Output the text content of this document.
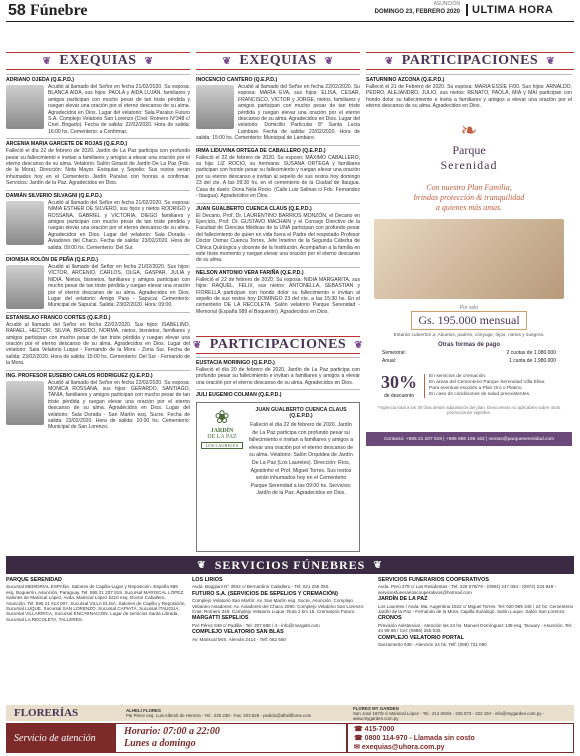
58 Fúnebre	DOMINGO 23, FEBRERO 2020
ASUNCIÓN	ULTIMA HORA
❦ EXEQUIAS ❦	❦ EXEQUIAS ❦	❦ PARTICIPACIONES ❦
ADRIANO OJEDA (Q.E.P.D.)
Acudió al llamado del Señor en fecha 21/02/2020. Su esposa: BLANCA AIDA, sus hijos: PAOLA y AIDA LUJAN, familiares y amigos participan con mucho pesar de tan triste pérdida y ruegan elevar una oración por el eterno descanso de su alma. Agradecidos en Dios. Lugar del velatorio: Sala Paraiso Futuro S.A. Complejo Velatorio San Lorenzo (Cnel. Romero N°348 c/ Cnel. Bogado). Fecha de salida: 22/02/2020. Hora de salida: 16:00 hs. Cementerio: a Confirmar.
ARCENIA MARIA GARCETE DE ROJAS (Q.E.P.D.)
Falleció el día 22 de febrero de 2020. Jardín de La Paz participa con profundo pesar su fallecimiento e invitan a familiares y amigos a elevar una oración por el eterno descanso de su alma. Velatorio: Salón Girasol de Jardín De La Paz (Fdo. de la Mora). Dirección: Nota Mayor. Exéquias y Sepelio: Sus restos serán inhumados hoy en el Cementerio Jardín Paraíso con honras a confirmar. Servicios: Jardín de la Paz. Agradecidos en Dios.
DAMIÁN SILVERIO SILVAGNI (Q.E.P.D.)
Acudió al llamado del Señor en fecha 21/02/2020. Su esposa: NIMIA ESTHER DE SILVERO, sus hijos y nietos RODRIGO y ROSSANA, GABRIEL y VICTORIA, DIEGO familiares y amigos participan con mucho pesar de tan triste pérdida y ruegan elevar una oración por el eterno descanso de su alma. Agradecidos en Dios. Lugar del velatorio: Sala Dorada - Aviadores del Chaco. Fecha de salida: 23/02/2020. Hora de salida: 09:00 hs. Cementerio: Del Sur.
DIONISIA ROLÓN DE PEÑA (Q.E.P.D.)
Acudió al llamado del Señor en fecha 21/02/2020. Sus hijos: VÍCTOR, ARCENIO, CARLOS, OLGA, GASPAR, JULIA y NIDIA. Nietos, bisnietos, familiares y amigos participan con mucho pesar de tan triste pérdida y ruegan elevar una oración por el eterno descanso de su alma. Agradecidos en Dios. Lugar del velatorio: Amigo Para - Sapucai. Cementerio: Municipal de Sapucai. Salida: 23/02/2020. Hora: 09:00.
ESTANISLAO FRANCO CORTES (Q.E.P.D.)
Acudió al llamado del Señor en fecha 22/02/2020. Sus hijos: ISABELINO, RAFAEL, HECTOR, SILVIA, BRIGIDO, NORMA, nietos, bisnietos, familiares y amigos participan con mucho pesar de tan triste pérdida y ruegan elevar una oración por el eterno descanso de su alma. Agradecidos en Dios. Lugar del velatorio: Sala Velatorio Luque - Fernando de la Mora - Zona Sur. Fecha de salida: 23/02/2020. Hora de salida: 15:00 hs. Cementerio: Del Sur - Fernando de la Mora.
ING. PROFESOR EUSEBIO CARLOS RODRIGUEZ (Q.E.P.D.)
Acudió al llamado del Señor en fecha 22/02/2020. Su esposa: MONICA ROSSANA, sus hijos: GERARDO, SANTIAGO, TANIA, familiares y amigos participan con mucho pesar de tan triste pérdida y ruegan elevar una oración por el eterno descanso de su alma. Agradecidos en Dios. Lugar del velatorio: Sala Dorada - San Martín esq. Sucre. Fecha de salida: 23/02/2020. Hora de salida: 10:00 hs. Cementerio: Municipal de San Lorenzo.
INOCENCIO CANTERO (Q.E.P.D.)
Acudió al llamado del Señor en fecha 22/02/2020. Su esposa: MARÍA EVA, sus hijos: ELISA, CESAR, FRANCISCO, VICTOR y JORGE, nietos, familiares y amigos participan con mucho pesar de tan triste pérdida y ruegan elevar una oración por el eterno descanso de su alma. Agradecidos en Dios. Lugar del velatorio: Domicilio Particular 8° Santa Lucia Lambare. Fecha de salida: 23/02/2020. Hora de salida: 15:00 hs. Cementerio: Municipal de Lambare.
IRMA LIDUVINA ORTEGA DE CABALLERO (Q.E.P.D.)
Falleció el 22 de febrero de 2020. Su esposo: MÁXIMO CABALLERO, su hija: LIZ ROCIO, su hermana: SUSANA ORTEGA y familiares participan con hondo pesar su fallecimiento y ruegan elevar una oración por su eterno descanso e invitan al sepelio de sus restos hoy domingo 23 del cte. A las 09:30 hs. en el cementerio de la Ciudad de Itaugua. Casa de duelo: Dona Nela Rocio. (Calle Luis Salinas c/ Fdo. Fernandez - Itaugua). Agradecidos en Dios.
JUAN GUALBERTO CUENCA CLAUS (Q.E.P.D.)
El Decano, Prof. Dr. LAURENTINO BARRIOS MONZÓN, el Decano en Ejercicio, Prof. Dr. GUSTAVO MACHAIN y el Consejo Directivo de la Facultad de Ciencias Médicas de la UNA participan con profundo pesar del fallecimiento de quien en vida fuera el Padre del respetado Profesor Doctor Osmar Cuenca Torres, Jefe Interino de la Segunda Cátedra de Clínica Quirúrgica y docente de la Institución. Acompañan a la familia en este triste momento y ruegan elevar una oración por el eterno descanso de su alma.
NELSON ANTONIO VERA FARIÑA (Q.E.P.D.)
Falleció el 22 de febrero de 2020. Su esposa: NIDIA MARGARITA, sus hijos: RAQUEL, FELIX, sus nietos: ANTONELLA, SEBASTIAN y FIORELLA participan con hondo dolor su fallecimiento e invitan al sepelio de sus restos hoy DOMINGO 23 del cte. a las 15:30 hs. En el cementerio DE LA RECOLETA. Salón velatorio Parque Serenidad - Memorial (España 989 el Boquerón). Agradecidos en Dios.
❦ PARTICIPACIONES ❦
EUSTACIA MORINIGO (Q.E.P.D.)
Falleció el día 20 de febrero de 2020. Jardín de La Paz participa con profundo pesar su fallecimiento e invitan a familiares y amigos a elevar una oración por el eterno descanso de su alma. Agradecidos en Dios.
JULI EUGENIO COLMAN (Q.E.P.D.)
❀
JARDÍN
DE LA PAZ
LOS LAURELES
JUAN GUALBERTO CUENCA CLAUS (Q.E.P.D.)
Falleció el día 22 de febrero de 2020. Jardín de La Paz participa con profundo pesar su fallecimiento e invitan a familiares y amigos a elevar una oración por el eterno descanso de su alma. Velatorio: Salón Orquídea de Jardín De La Paz (Los Laureles). Dirección: Ríos, Agostinho el Prof. Miguel Torres. Sus restos serán inhumados hoy en el Cementerio Parque Serenidad a las 09:00 hs. Servicios: Jardín de la Paz. Agradecidos en Dios.
SATURNINO AZCONA (Q.E.P.D.)
Falleció el 21 de Febrero de 2020. Su esposa: MARIA ESSIE F/00. Sus hijos: ARNALDO, PEDRO, ALEJANDRO, JULIO, sus nietos: RENATO, PAOLA, MIA y MAI participan con hondo dolor su fallecimiento e invita a familiares y amigos a elevar una oración por el eterno descanso de su alma. Agradecidos en Dios.
❧
Parque
Serenidad
Con nuestro Plan Familia,
brindas protección & tranquilidad
a quienes más amas.
Por solo
Gs. 195.000 mensual
Estarán cubiertos a: Abuelos, padres, cónyuge, hijos, nietos y suegros.
Otras formas de pago
Semestral:	2 cuotas de 1.080.000
Anual:	1 cuota de 1.980.000
30%
de descuento
En servicios de cremación.
En áreas del Cementerio Parque Serenidad Villa Elisa.
Para eventual escisión a Plan Oro o Platino.
En caso de condiciones de salud preexistentes.
*Vigencia total a los 30 días desde adquisición del plan. Descuentos no aplicables sobre otras promociones vigentes.
Contacto: +595 21 207 819 | +595 986 196 162 | ventas@parqueserenidad.com
❦ SERVICIOS FÚNEBRES ❦
PARQUE SERENIDAD
Sucursal MEMORIAL ESPAÑA. Salones de Capilla-Lugar y Reposición. España 989 esq. Boquerón, Asunción, Paraguay. Tel: 595 21 207 819. Sucursal MARISCAL LÓPEZ. Salones de Mariscal López, Avda. Mariscal López 5210 esq. Doctor Caballero, Asunción. Tel: 595 21 613 007. Sucursal VILLA ELISA. Salones de Capilla y Reposición, Sucursal LUQUE, Sucursal SAN LORENZO, Sucursal CAPIATÁ, Sucursal ITAUGUA, Sucursal VILLARRICA, Sucursal ENCARNACIÓN. Lugar de servicios Santa Librada, Sucursal LA RECOLETA, TALLERES.
LOS LIRIOS
Avda. Boggiani N° 3842 c/ Bernardino Caballero - Tel: 021 256 050.
FUTURO S.A. (SERVICIOS DE SEPELIOS Y CREMACIÓN)
Complejo Velatorio San Martín: Av. San Martín esq. Sucre, Asunción. Complejo Velatorio Aviadores: Av. Aviadores del Chaco 2080. Complejo Velatorio San Lorenzo: Cnel. Romero 348. Complejo Velatorio Luque: Ruta 2 km 15. Crematorio Futuro.
MARGATTI SEPELIOS
Pa'i Pérez 849 c/ Padilla - Tel: 207 880 / 4 - info@margatti.com
COMPLEJO VELATORIO SAN BLAS
Av. Mariscal MrS. Alemán 2414 - Telf: 082 550
SERVICIOS FUNERARIOS COOPERATIVOS
Avda. Perú 279 c/ Las Residentas - Tel: 229 078/79 - (0984) 247 094 - (0972) 234 949 - serviciosfunerarioscooperativos@hotmail.com
JARDÍN DE LA PAZ
Los Laureles / Avda. Ma. Augentina 1922 c/ Miguel Torres. Tel: 020 969 345 / 24 hs. Cementerio Jardín de la Paz - Fernando de la Mora. Capilla Ituzaingó. Salón Luque. Salón San Lorenzo.
CRONOS
Previsión Asistencial - Atención las 24 hs. Manuel Domínguez 138 esq. Tacuary - Asunción. Tel: 44 99 98 / Cel: (0986) 255 030.
COMPLEJO VELATORIO PORTAL
Sacramento 938 - Atención 24 hs. Telf: (098) 731 080
FLORERÍAS	ALHELÍ FLORES
Pai Pérez esq. Luis Alberdi de Herrera - Tel.: 225 238 - Fax: 203 828 - pedido@alheliflores.com
FLORES MY GARDEN
San José 187/9 c/ Mariscal López - Tel.: 214 603/4 - 226 573 - 222 194 - info@mygarden.com.py - www.mygarden.com.py
Servicio de atención
Horario: 07:00 a 22:00
Lunes a domingo
☎ 415-7000
☎ 0800 114-970 - Llamada sin costo
✉ exequias@uhora.com.py
